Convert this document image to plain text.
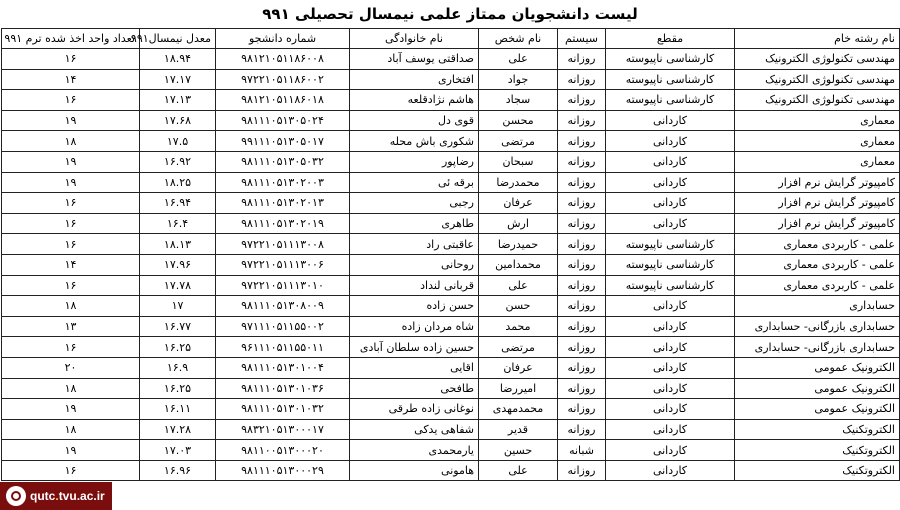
لیست دانشجویان ممتاز علمی نیمسال تحصیلی ۹۹۱
نام رشته خام	مقطع	سیستم	نام شخص	نام خانوادگی	شماره دانشجو	معدل نیمسال۹۹۱	تعداد واحد اخذ شده ترم ۹۹۱
مهندسی تکنولوژی الکترونیک	کارشناسی ناپیوسته	روزانه	علی	صداقتی یوسف آباد	۹۸۱۲۱۰۵۱۱۸۶۰۰۸	۱۸.۹۴	۱۶
مهندسی تکنولوژی الکترونیک	کارشناسی ناپیوسته	روزانه	جواد	افتخاری	۹۷۲۲۱۰۵۱۱۸۶۰۰۲	۱۷.۱۷	۱۴
مهندسی تکنولوژی الکترونیک	کارشناسی ناپیوسته	روزانه	سجاد	هاشم نژادقلعه	۹۸۱۲۱۰۵۱۱۸۶۰۱۸	۱۷.۱۳	۱۶
معماری	کاردانی	روزانه	محسن	قوی دل	۹۸۱۱۱۰۵۱۳۰۵۰۲۴	۱۷.۶۸	۱۹
معماری	کاردانی	روزانه	مرتضی	شکوری باش محله	۹۹۱۱۱۰۵۱۳۰۵۰۱۷	۱۷.۵	۱۸
معماری	کاردانی	روزانه	سبحان	رضاپور	۹۸۱۱۱۰۵۱۳۰۵۰۳۲	۱۶.۹۲	۱۹
کامپیوتر گرایش نرم افزار	کاردانی	روزانه	محمدرضا	برقه ئی	۹۸۱۱۱۰۵۱۳۰۲۰۰۳	۱۸.۲۵	۱۹
کامپیوتر گرایش نرم افزار	کاردانی	روزانه	عرفان	رجبی	۹۸۱۱۱۰۵۱۳۰۲۰۱۳	۱۶.۹۴	۱۶
کامپیوتر گرایش نرم افزار	کاردانی	روزانه	ارش	طاهری	۹۸۱۱۱۰۵۱۳۰۲۰۱۹	۱۶.۴	۱۶
علمی - کاربردی معماری	کارشناسی ناپیوسته	روزانه	حمیدرضا	عاقبتی راد	۹۷۲۲۱۰۵۱۱۱۳۰۰۸	۱۸.۱۳	۱۶
علمی - کاربردی معماری	کارشناسی ناپیوسته	روزانه	محمدامین	روحانی	۹۷۲۲۱۰۵۱۱۱۳۰۰۶	۱۷.۹۶	۱۴
علمی - کاربردی معماری	کارشناسی ناپیوسته	روزانه	علی	قربانی لنداد	۹۷۲۲۱۰۵۱۱۱۳۰۱۰	۱۷.۷۸	۱۶
حسابداری	کاردانی	روزانه	حسن	حسن زاده	۹۸۱۱۱۰۵۱۳۰۸۰۰۹	۱۷	۱۸
حسابداری بازرگانی- حسابداری	کاردانی	روزانه	محمد	شاه مردان زاده	۹۷۱۱۱۰۵۱۱۵۵۰۰۲	۱۶.۷۷	۱۳
حسابداری بازرگانی- حسابداری	کاردانی	روزانه	مرتضی	حسین زاده سلطان آبادی	۹۶۱۱۱۰۵۱۱۵۵۰۱۱	۱۶.۲۵	۱۶
الکترونیک عمومی	کاردانی	روزانه	عرفان	اقایی	۹۸۱۱۱۰۵۱۳۰۱۰۰۴	۱۶.۹	۲۰
الکترونیک عمومی	کاردانی	روزانه	امیررضا	طافحی	۹۸۱۱۱۰۵۱۳۰۱۰۳۶	۱۶.۲۵	۱۸
الکترونیک عمومی	کاردانی	روزانه	محمدمهدی	نوغانی زاده طرقی	۹۸۱۱۱۰۵۱۳۰۱۰۳۲	۱۶.۱۱	۱۹
الکتروتکنیک	کاردانی	روزانه	قدیر	شفاهی یدکی	۹۸۳۲۱۰۵۱۳۰۰۰۱۷	۱۷.۲۸	۱۸
الکتروتکنیک	کاردانی	شبانه	حسین	یارمحمدی	۹۸۱۱۰۰۵۱۳۰۰۰۲۰	۱۷.۰۳	۱۹
الکتروتکنیک	کاردانی	روزانه	علی	هامونی	۹۸۱۱۱۰۵۱۳۰۰۰۲۹	۱۶.۹۶	۱۶
qutc.tvu.ac.ir
